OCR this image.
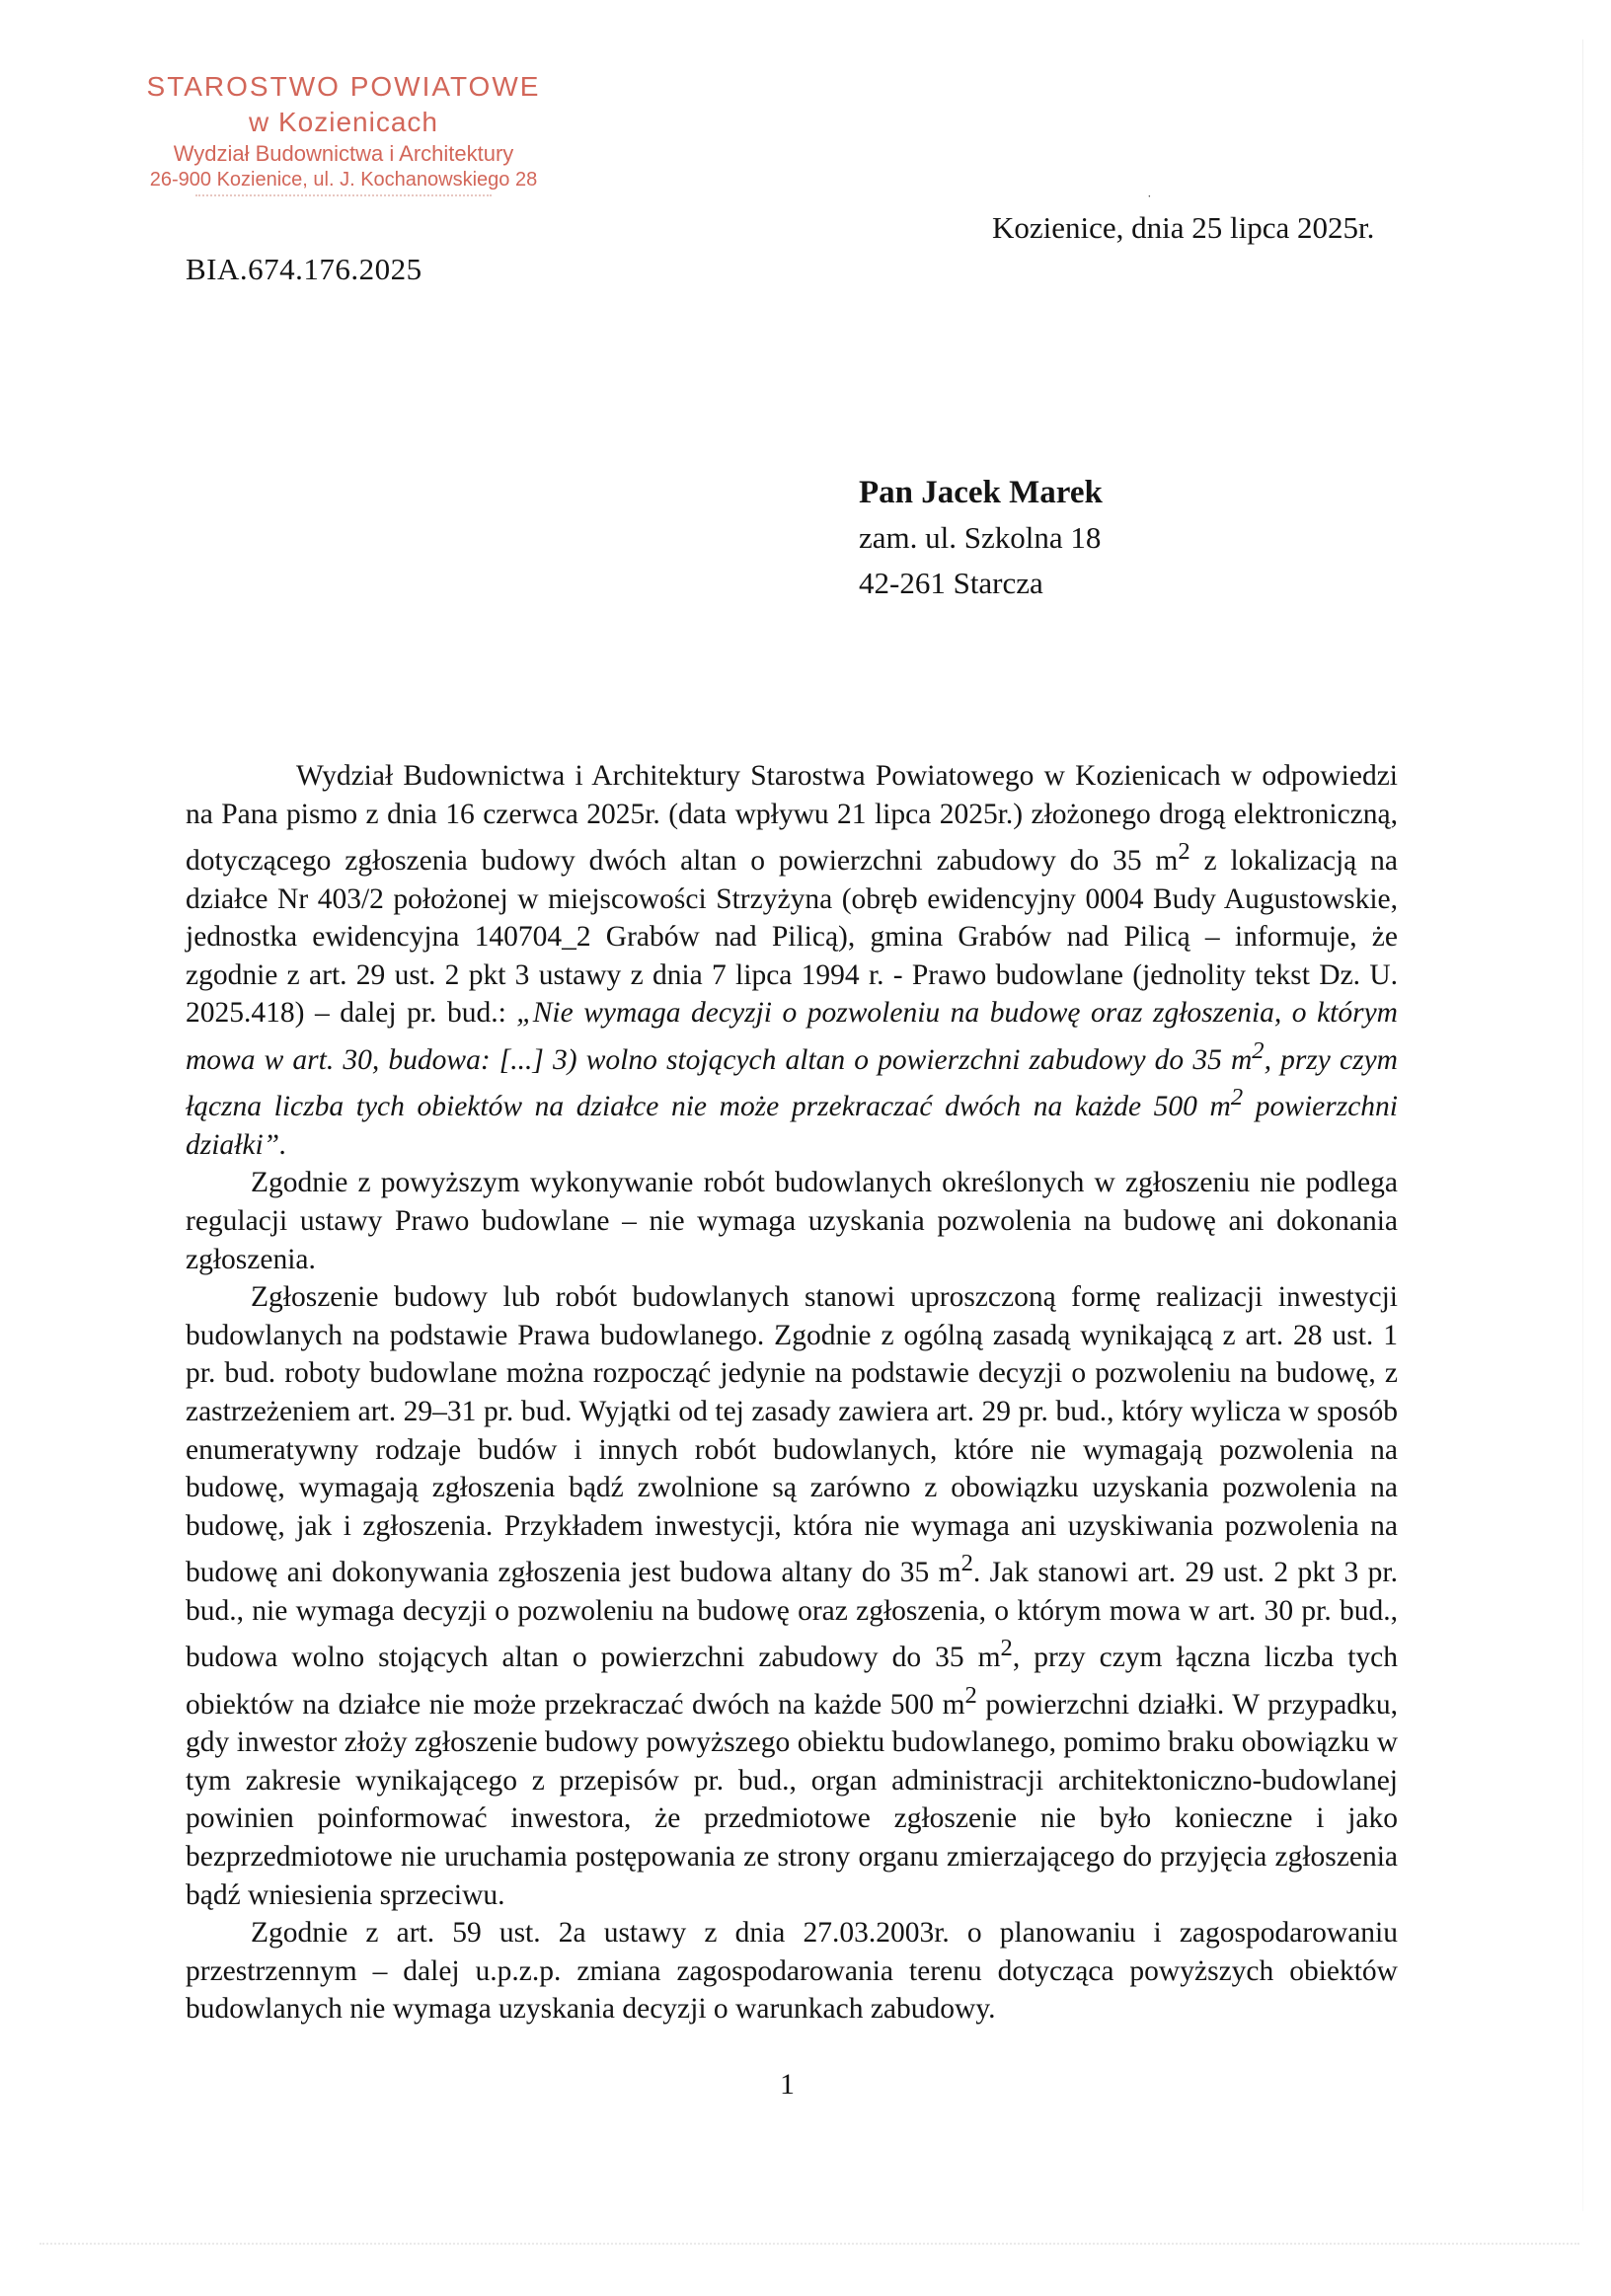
STAROSTWO POWIATOWE
w Kozienicach
Wydział Budownictwa i Architektury
26-900 Kozienice, ul. J. Kochanowskiego 28
BIA.674.176.2025
˙
Kozienice, dnia 25 lipca 2025r.
Pan Jacek Marek
zam. ul. Szkolna 18
42-261 Starcza

Wydział Budownictwa i Architektury Starostwa Powiatowego w Kozienicach w odpowiedzi na Pana pismo z dnia 16 czerwca 2025r. (data wpływu 21 lipca 2025r.) złożonego drogą elektroniczną, dotyczącego zgłoszenia budowy dwóch altan o powierzchni zabudowy do 35 $m^2$ z lokalizacją na działce Nr 403/2 położonej w miejscowości Strzyżyna (obręb ewidencyjny 0004 Budy Augustowskie, jednostka ewidencyjna 140704_2 Grabów nad Pilicą), gmina Grabów nad Pilicą – informuje, że zgodnie z art. 29 ust. 2 pkt 3 ustawy z dnia 7 lipca 1994 r. - Prawo budowlane (jednolity tekst Dz. U. 2025.418) – dalej pr. bud.: „Nie wymaga decyzji o pozwoleniu na budowę oraz zgłoszenia, o którym mowa w art. 30, budowa: [...] 3) wolno stojących altan o powierzchni zabudowy do 35 $m^2$, przy czym łączna liczba tych obiektów na działce nie może przekraczać dwóch na każde 500 $m^2$ powierzchni działki”.

Zgodnie z powyższym wykonywanie robót budowlanych określonych w zgłoszeniu nie podlega regulacji ustawy Prawo budowlane – nie wymaga uzyskania pozwolenia na budowę ani dokonania zgłoszenia.

Zgłoszenie budowy lub robót budowlanych stanowi uproszczoną formę realizacji inwestycji budowlanych na podstawie Prawa budowlanego. Zgodnie z ogólną zasadą wynikającą z art. 28 ust. 1 pr. bud. roboty budowlane można rozpocząć jedynie na podstawie decyzji o pozwoleniu na budowę, z zastrzeżeniem art. 29–31 pr. bud. Wyjątki od tej zasady zawiera art. 29 pr. bud., który wylicza w sposób enumeratywny rodzaje budów i innych robót budowlanych, które nie wymagają pozwolenia na budowę, wymagają zgłoszenia bądź zwolnione są zarówno z obowiązku uzyskania pozwolenia na budowę, jak i zgłoszenia. Przykładem inwestycji, która nie wymaga ani uzyskiwania pozwolenia na budowę ani dokonywania zgłoszenia jest budowa altany do 35 $m^2$. Jak stanowi art. 29 ust. 2 pkt 3 pr. bud., nie wymaga decyzji o pozwoleniu na budowę oraz zgłoszenia, o którym mowa w art. 30 pr. bud., budowa wolno stojących altan o powierzchni zabudowy do 35 $m^2$, przy czym łączna liczba tych obiektów na działce nie może przekraczać dwóch na każde 500 $m^2$ powierzchni działki. W przypadku, gdy inwestor złoży zgłoszenie budowy powyższego obiektu budowlanego, pomimo braku obowiązku w tym zakresie wynikającego z przepisów pr. bud., organ administracji architektoniczno-budowlanej powinien poinformować inwestora, że przedmiotowe zgłoszenie nie było konieczne i jako bezprzedmiotowe nie uruchamia postępowania ze strony organu zmierzającego do przyjęcia zgłoszenia bądź wniesienia sprzeciwu.

Zgodnie z art. 59 ust. 2a ustawy z dnia 27.03.2003r. o planowaniu i zagospodarowaniu przestrzennym – dalej u.p.z.p. zmiana zagospodarowania terenu dotycząca powyższych obiektów budowlanych nie wymaga uzyskania decyzji o warunkach zabudowy.

1
